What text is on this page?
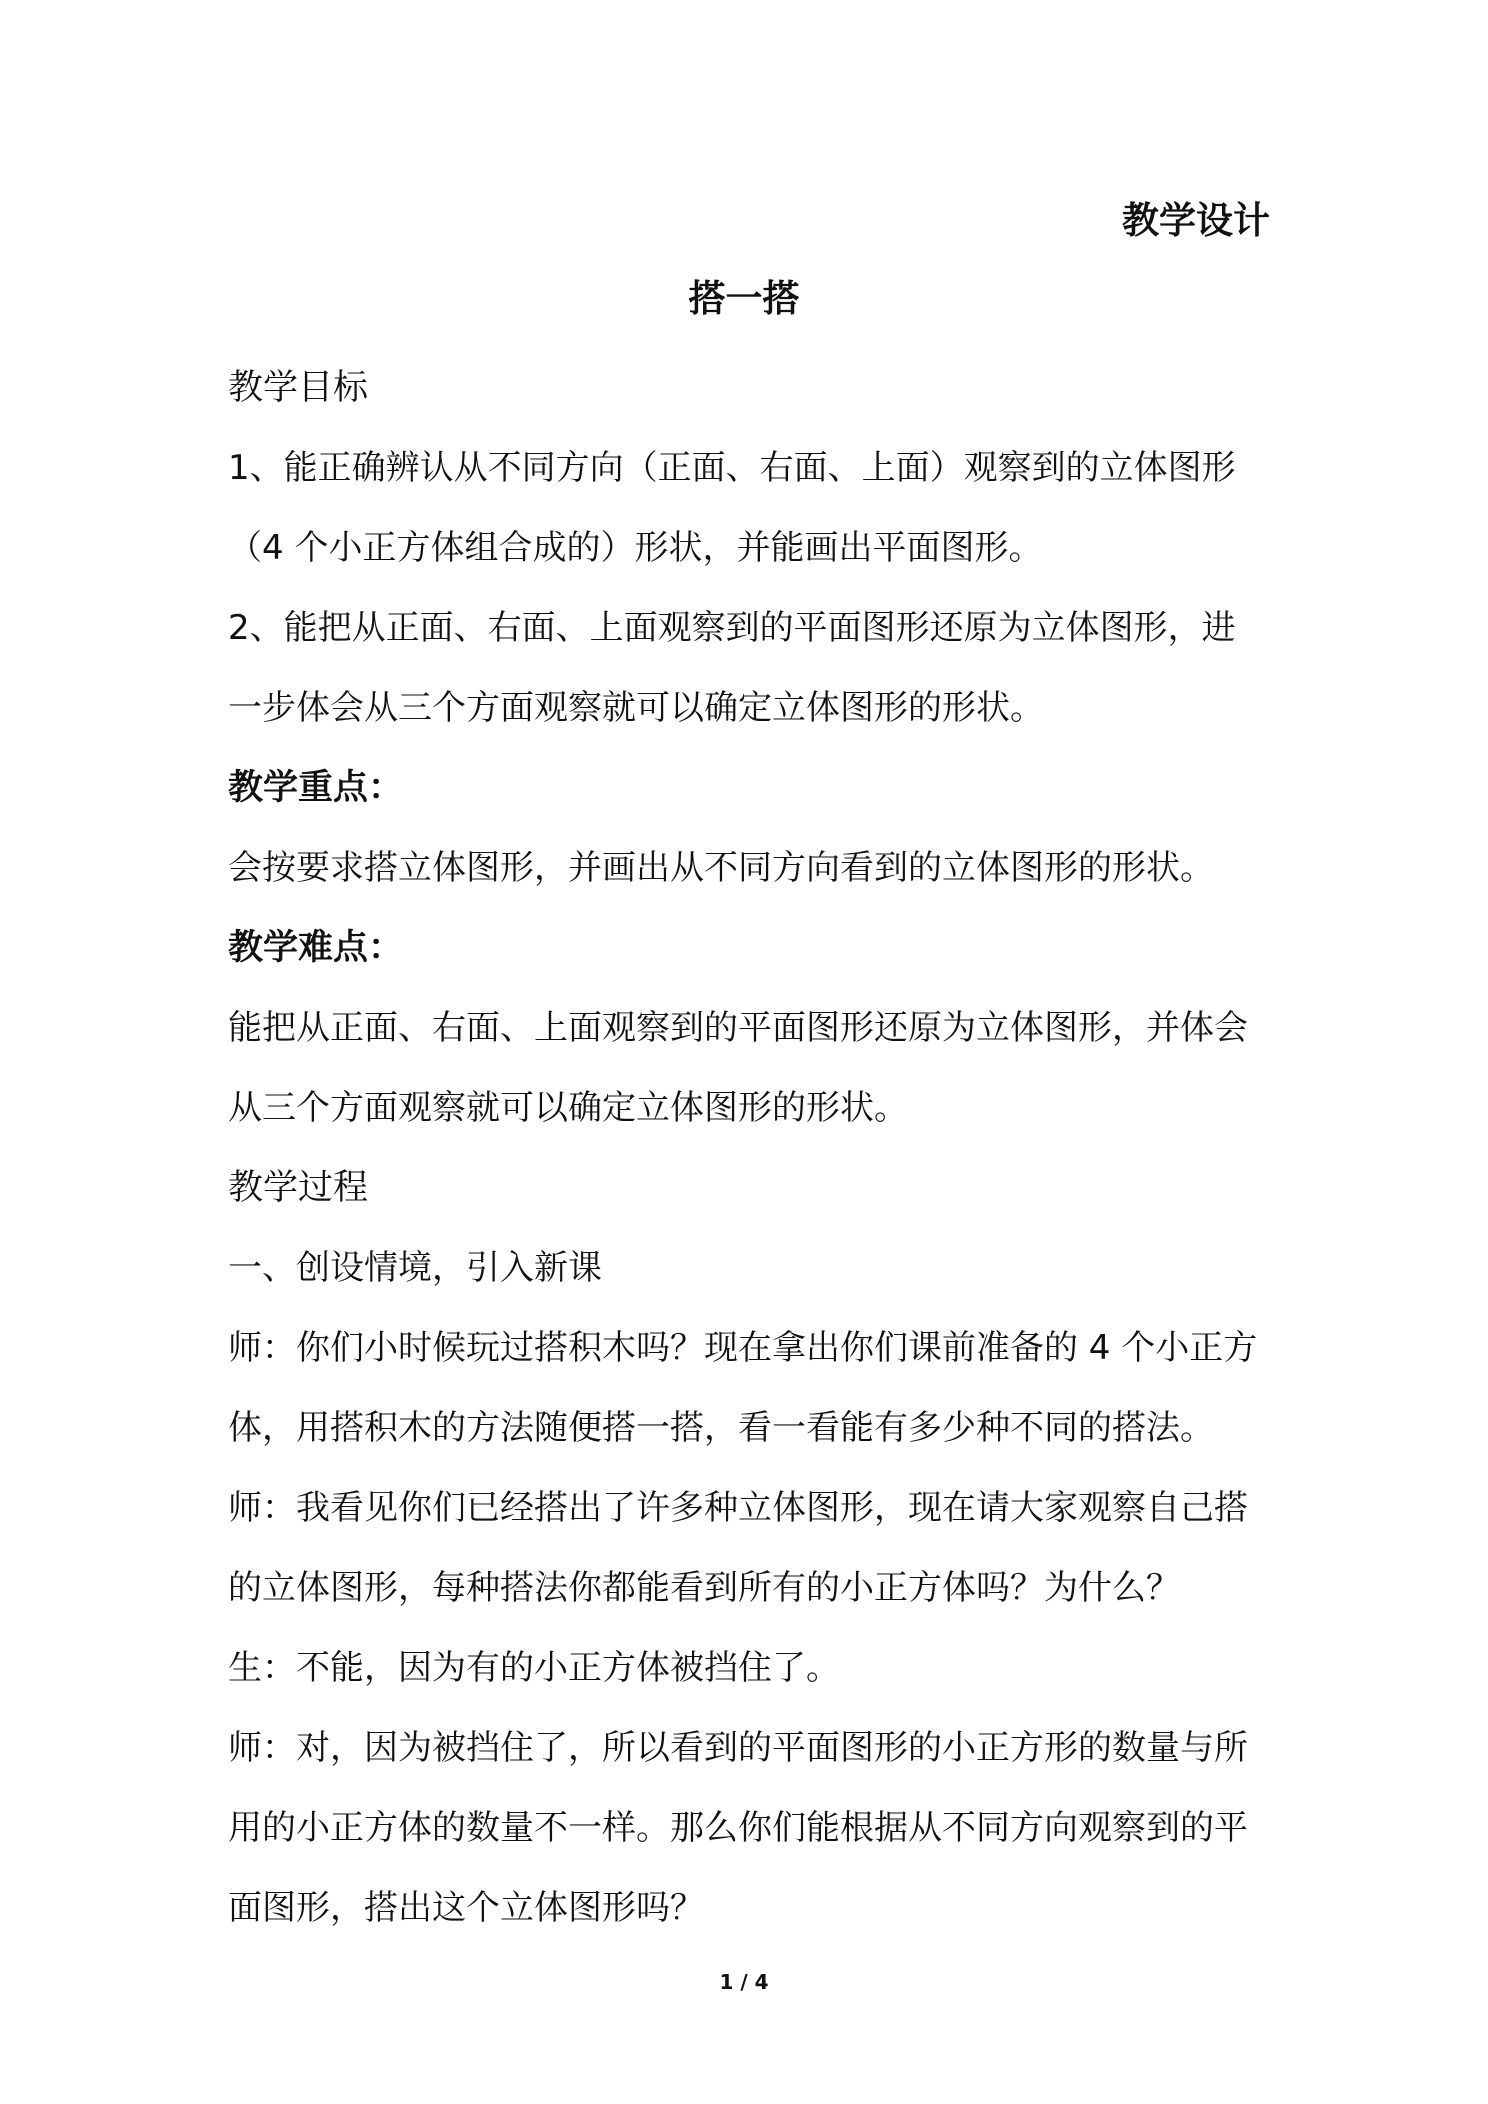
教学设计
搭一搭
教学目标
1、能正确辨认从不同方向（正面、右面、上面）观察到的立体图形
（4 个小正方体组合成的）形状，并能画出平面图形。
2、能把从正面、右面、上面观察到的平面图形还原为立体图形，进
一步体会从三个方面观察就可以确定立体图形的形状。
教学重点：
会按要求搭立体图形，并画出从不同方向看到的立体图形的形状。
教学难点：
能把从正面、右面、上面观察到的平面图形还原为立体图形，并体会
从三个方面观察就可以确定立体图形的形状。
教学过程
一、创设情境，引入新课
师：你们小时候玩过搭积木吗？现在拿出你们课前准备的 4 个小正方
体，用搭积木的方法随便搭一搭，看一看能有多少种不同的搭法。
师：我看见你们已经搭出了许多种立体图形，现在请大家观察自己搭
的立体图形，每种搭法你都能看到所有的小正方体吗？为什么？
生：不能，因为有的小正方体被挡住了。
师：对，因为被挡住了，所以看到的平面图形的小正方形的数量与所
用的小正方体的数量不一样。那么你们能根据从不同方向观察到的平
面图形，搭出这个立体图形吗？
1 / 4
